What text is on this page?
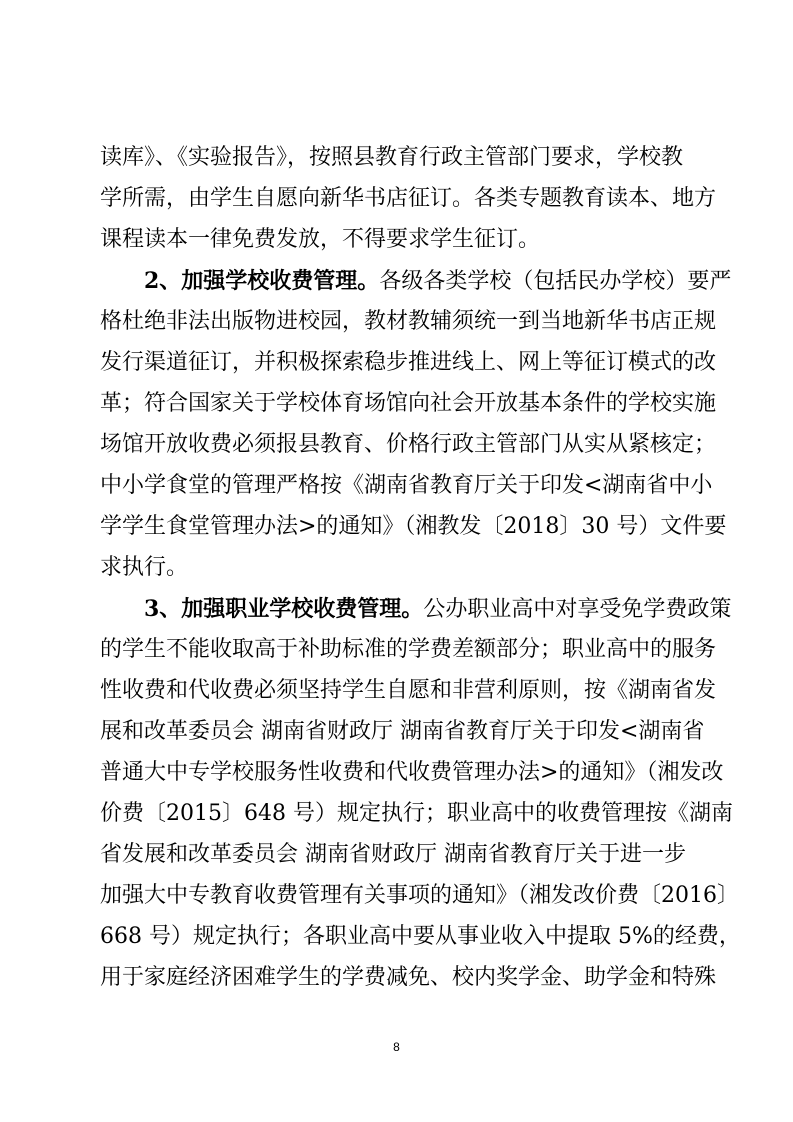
读库》、《实验报告》，按照县教育行政主管部门要求，学校教
学所需，由学生自愿向新华书店征订。各类专题教育读本、地方
课程读本一律免费发放，不得要求学生征订。
2、加强学校收费管理。各级各类学校（包括民办学校）要严
格杜绝非法出版物进校园，教材教辅须统一到当地新华书店正规
发行渠道征订，并积极探索稳步推进线上、网上等征订模式的改
革；符合国家关于学校体育场馆向社会开放基本条件的学校实施
场馆开放收费必须报县教育、价格行政主管部门从实从紧核定；
中小学食堂的管理严格按《湖南省教育厅关于印发<湖南省中小
学学生食堂管理办法>的通知》（湘教发〔2018〕30 号）文件要
求执行。
3、加强职业学校收费管理。公办职业高中对享受免学费政策
的学生不能收取高于补助标准的学费差额部分；职业高中的服务
性收费和代收费必须坚持学生自愿和非营利原则，按《湖南省发
展和改革委员会 湖南省财政厅 湖南省教育厅关于印发<湖南省
普通大中专学校服务性收费和代收费管理办法>的通知》（湘发改
价费〔2015〕648 号）规定执行；职业高中的收费管理按《湖南
省发展和改革委员会 湖南省财政厅 湖南省教育厅关于进一步
加强大中专教育收费管理有关事项的通知》（湘发改价费〔2016〕
668 号）规定执行；各职业高中要从事业收入中提取 5%的经费，
用于家庭经济困难学生的学费减免、校内奖学金、助学金和特殊
8
